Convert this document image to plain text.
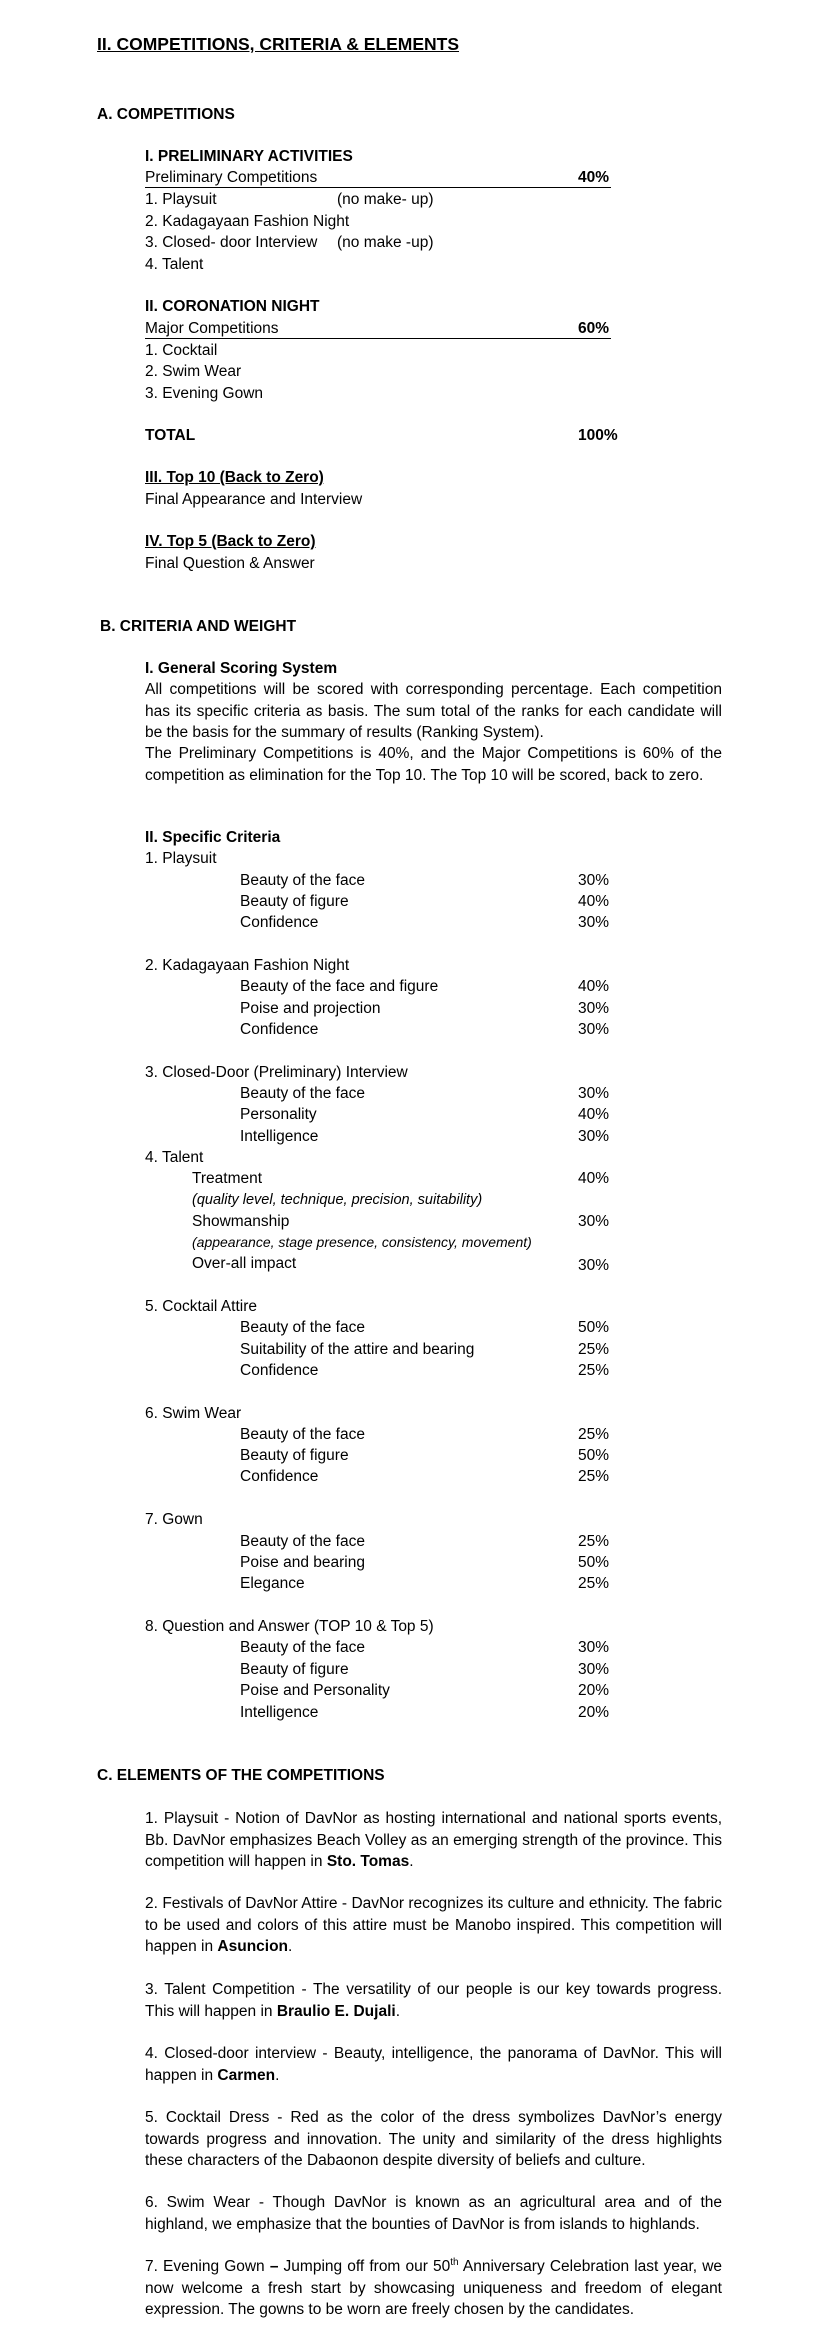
II. COMPETITIONS, CRITERIA & ELEMENTS
A. COMPETITIONS
I. PRELIMINARY ACTIVITIES
Preliminary Competitions	40%
1. Playsuit	(no make- up)
2. Kadagayaan Fashion Night
3. Closed- door Interview (no make -up)
4. Talent
II. CORONATION NIGHT
Major Competitions	60%
1. Cocktail
2. Swim Wear
3. Evening Gown
TOTAL	100%
III. Top 10 (Back to Zero)
Final Appearance and Interview
IV. Top 5 (Back to Zero)
Final Question & Answer
B. CRITERIA AND WEIGHT
I. General Scoring System
All competitions will be scored with corresponding percentage. Each competition has its specific criteria as basis. The sum total of the ranks for each candidate will be the basis for the summary of results (Ranking System).
The Preliminary Competitions is 40%, and the Major Competitions is 60% of the competition as elimination for the Top 10. The Top 10 will be scored, back to zero.
II. Specific Criteria
1. Playsuit
Beauty of the face	30%
Beauty of figure	40%
Confidence	30%
2. Kadagayaan Fashion Night
Beauty of the face and figure	40%
Poise and projection	30%
Confidence	30%
3. Closed-Door (Preliminary) Interview
Beauty of the face	30%
Personality	40%
Intelligence	30%
4. Talent
Treatment	40%
(quality level, technique, precision, suitability)
Showmanship	30%
(appearance, stage presence, consistency, movement)
Over-all impact	30%
5. Cocktail Attire
Beauty of the face	50%
Suitability of the attire and bearing	25%
Confidence	25%
6. Swim Wear
Beauty of the face	25%
Beauty of figure	50%
Confidence	25%
7. Gown
Beauty of the face	25%
Poise and bearing	50%
Elegance	25%
8. Question and Answer (TOP 10 & Top 5)
Beauty of the face	30%
Beauty of figure	30%
Poise and Personality	20%
Intelligence	20%
C. ELEMENTS OF THE COMPETITIONS
1. Playsuit - Notion of DavNor as hosting international and national sports events, Bb. DavNor emphasizes Beach Volley as an emerging strength of the province. This competition will happen in Sto. Tomas.
2. Festivals of DavNor Attire - DavNor recognizes its culture and ethnicity. The fabric to be used and colors of this attire must be Manobo inspired. This competition will happen in Asuncion.
3. Talent Competition - The versatility of our people is our key towards progress. This will happen in Braulio E. Dujali.
4. Closed-door interview - Beauty, intelligence, the panorama of DavNor. This will happen in Carmen.
5. Cocktail Dress - Red as the color of the dress symbolizes DavNor’s energy towards progress and innovation. The unity and similarity of the dress highlights these characters of the Dabaonon despite diversity of beliefs and culture.
6. Swim Wear - Though DavNor is known as an agricultural area and of the highland, we emphasize that the bounties of DavNor is from islands to highlands.
7. Evening Gown – Jumping off from our 50th Anniversary Celebration last year, we now welcome a fresh start by showcasing uniqueness and freedom of elegant expression. The gowns to be worn are freely chosen by the candidates.
